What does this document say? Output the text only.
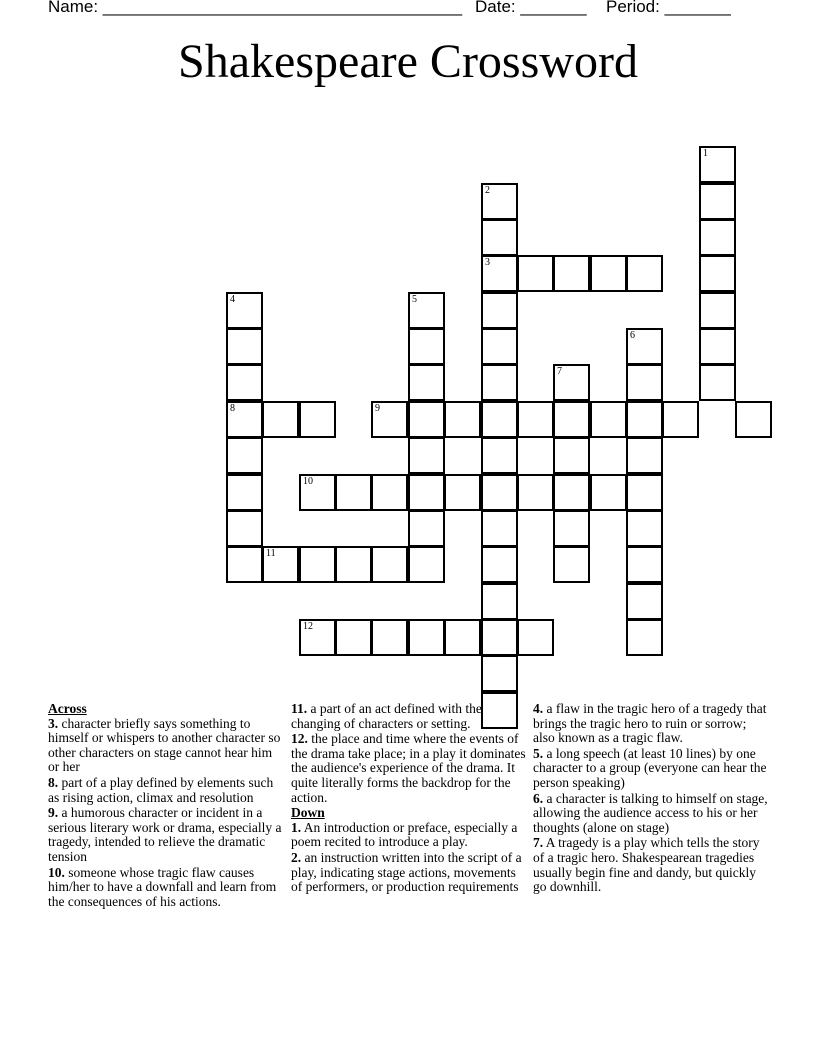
Name: ______________________________________ Date: _______ Period: _______
Shakespeare Crossword
1
2
3
4
8
5
6
7
9
10
11
12

Across

3. character briefly says something to himself or whispers to another character so other characters on stage cannot hear him or her

8. part of a play defined by elements such as rising action, climax and resolution

9. a humorous character or incident in a serious literary work or drama, especially a tragedy, intended to relieve the dramatic tension

10. someone whose tragic flaw causes him/her to have a downfall and learn from the consequences of his actions.

11. a part of an act defined with the changing of characters or setting.

12. the place and time where the events of the drama take place; in a play it dominates the audience's experience of the drama. It quite literally forms the backdrop for the action.

Down

1. An introduction or preface, especially a poem recited to introduce a play.

2. an instruction written into the script of a play, indicating stage actions, movements of performers, or production requirements

4. a flaw in the tragic hero of a tragedy that brings the tragic hero to ruin or sorrow; also known as a tragic flaw.

5. a long speech (at least 10 lines) by one character to a group (everyone can hear the person speaking)

6. a character is talking to himself on stage, allowing the audience access to his or her thoughts (alone on stage)

7. A tragedy is a play which tells the story of a tragic hero. Shakespearean tragedies usually begin fine and dandy, but quickly go downhill.
